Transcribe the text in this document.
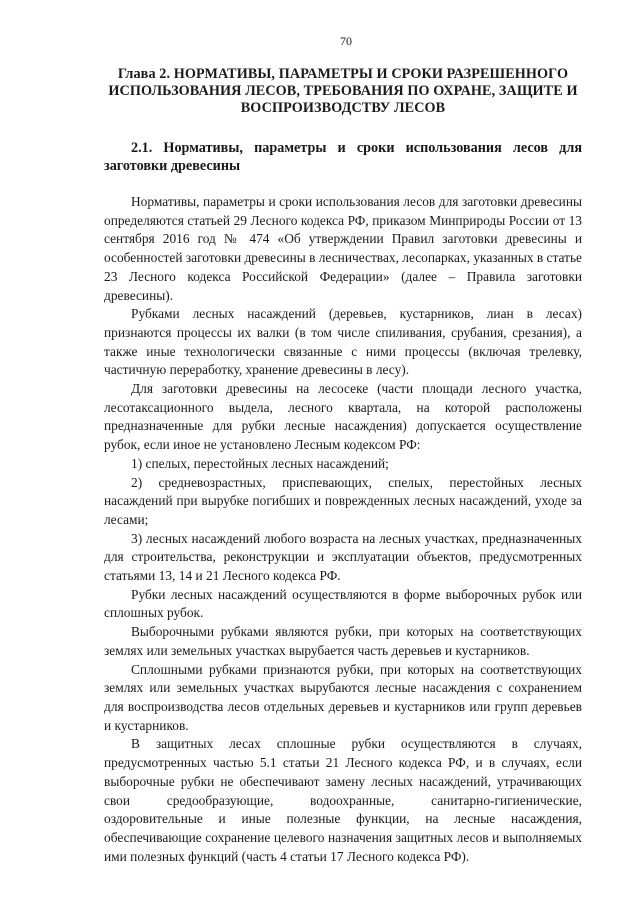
70
Глава 2. НОРМАТИВЫ, ПАРАМЕТРЫ И СРОКИ РАЗРЕШЕННОГО
ИСПОЛЬЗОВАНИЯ ЛЕСОВ, ТРЕБОВАНИЯ ПО ОХРАНЕ, ЗАЩИТЕ И
ВОСПРОИЗВОДСТВУ ЛЕСОВ
2.1. Нормативы, параметры и сроки использования лесов для заготовки древесины

Нормативы, параметры и сроки использования лесов для заготовки древесины определяются статьей 29 Лесного кодекса РФ, приказом Минприроды России от 13 сентября 2016 год № 474 «Об утверждении Правил заготовки древесины и особенностей заготовки древесины в лесничествах, лесопарках, указанных в статье 23 Лесного кодекса Российской Федерации» (далее – Правила заготовки древесины).

Рубками лесных насаждений (деревьев, кустарников, лиан в лесах) признаются процессы их валки (в том числе спиливания, срубания, срезания), а также иные технологически связанные с ними процессы (включая трелевку, частичную переработку, хранение древесины в лесу).

Для заготовки древесины на лесосеке (части площади лесного участка, лесотаксационного выдела, лесного квартала, на которой расположены предназначенные для рубки лесные насаждения) допускается осуществление рубок, если иное не установлено Лесным кодексом РФ:

1) спелых, перестойных лесных насаждений;

2) средневозрастных, приспевающих, спелых, перестойных лесных насаждений при вырубке погибших и поврежденных лесных насаждений, уходе за лесами;

3) лесных насаждений любого возраста на лесных участках, предназначенных для строительства, реконструкции и эксплуатации объектов, предусмотренных статьями 13, 14 и 21 Лесного кодекса РФ.

Рубки лесных насаждений осуществляются в форме выборочных рубок или сплошных рубок.

Выборочными рубками являются рубки, при которых на соответствующих землях или земельных участках вырубается часть деревьев и кустарников.

Сплошными рубками признаются рубки, при которых на соответствующих землях или земельных участках вырубаются лесные насаждения с сохранением для воспроизводства лесов отдельных деревьев и кустарников или групп деревьев и кустарников.

В защитных лесах сплошные рубки осуществляются в случаях, предусмотренных частью 5.1 статьи 21 Лесного кодекса РФ, и в случаях, если выборочные рубки не обеспечивают замену лесных насаждений, утрачивающих свои средообразующие, водоохранные, санитарно-гигиенические, оздоровительные и иные полезные функции, на лесные насаждения, обеспечивающие сохранение целевого назначения защитных лесов и выполняемых ими полезных функций (часть 4 статьи 17 Лесного кодекса РФ).
